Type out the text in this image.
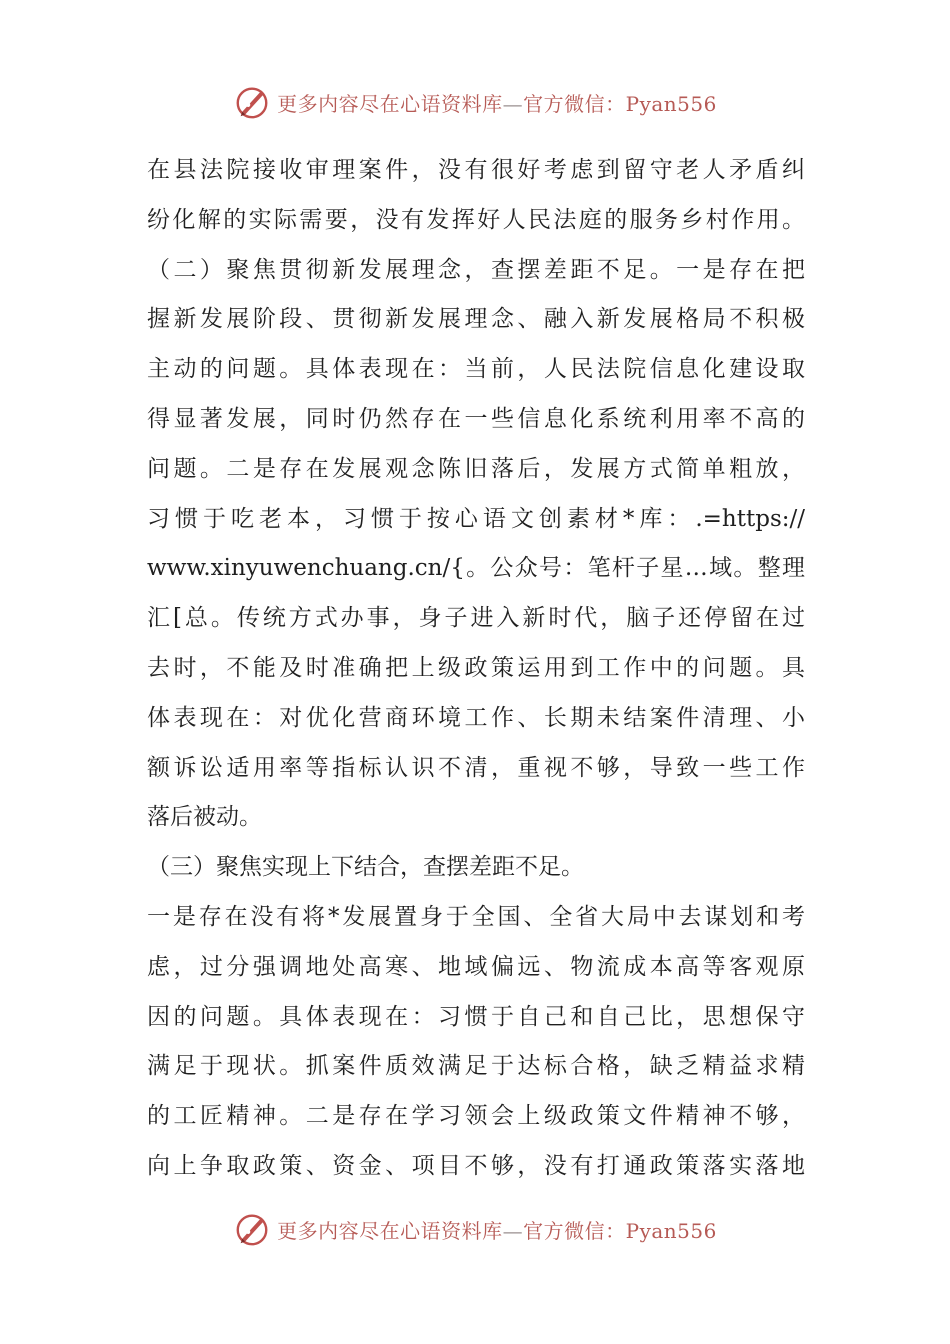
更多内容尽在心语资料库—官方微信：Pyan556
在县法院接收审理案件，没有很好考虑到留守老人矛盾纠
纷化解的实际需要，没有发挥好人民法庭的服务乡村作用。
（二）聚焦贯彻新发展理念，查摆差距不足。一是存在把
握新发展阶段、贯彻新发展理念、融入新发展格局不积极
主动的问题。具体表现在：当前，人民法院信息化建设取
得显著发展，同时仍然存在一些信息化系统利用率不高的
问题。二是存在发展观念陈旧落后，发展方式简单粗放，
习惯于吃老本，习惯于按心语文创素材*库：.=https://
www.xinyuwenchuang.cn/{。公众号：笔杆子星…域。整理
汇[总。传统方式办事，身子进入新时代，脑子还停留在过
去时，不能及时准确把上级政策运用到工作中的问题。具
体表现在：对优化营商环境工作、长期未结案件清理、小
额诉讼适用率等指标认识不清，重视不够，导致一些工作
落后被动。
（三）聚焦实现上下结合，查摆差距不足。
一是存在没有将*发展置身于全国、全省大局中去谋划和考
虑，过分强调地处高寒、地域偏远、物流成本高等客观原
因的问题。具体表现在：习惯于自己和自己比，思想保守
满足于现状。抓案件质效满足于达标合格，缺乏精益求精
的工匠精神。二是存在学习领会上级政策文件精神不够，
向上争取政策、资金、项目不够，没有打通政策落实落地
更多内容尽在心语资料库—官方微信：Pyan556
